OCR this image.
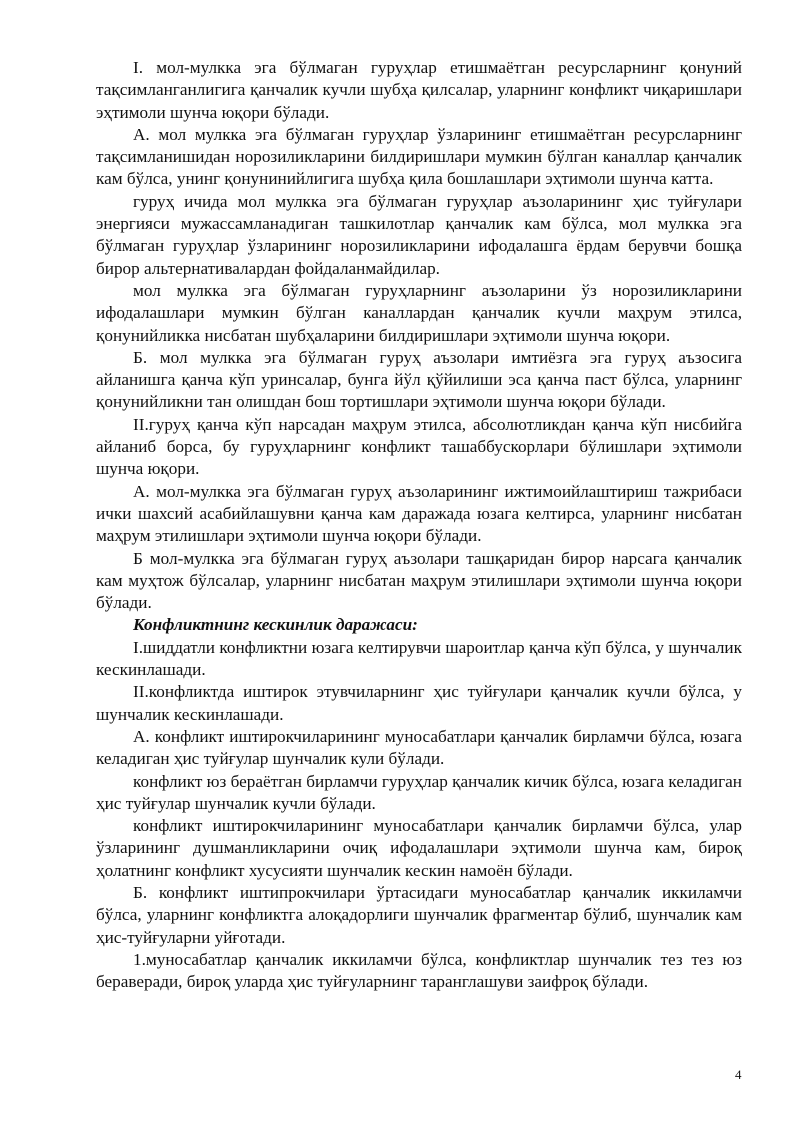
I. мол-мулкка эга бўлмаган гуруҳлар етишмаётган ресурсларнинг қонуний тақсимланганлигига қанчалик кучли шубҳа қилсалар, уларнинг конфликт чиқаришлари эҳтимоли шунча юқори бўлади.

А. мол мулкка эга бўлмаган гуруҳлар ўзларининг етишмаётган ресурсларнинг тақсимланишидан норозиликларини билдиришлари мумкин бўлган каналлар қанчалик кам бўлса, унинг қонунинийлигига шубҳа қила бошлашлари эҳтимоли шунча катта.

гуруҳ ичида мол мулкка эга бўлмаган гуруҳлар аъзоларининг ҳис туйғулари энергияси мужассамланадиган ташкилотлар қанчалик кам бўлса, мол мулкка эга бўлмаган гуруҳлар ўзларининг норозиликларини ифодалашга ёрдам берувчи бошқа бирор альтернативалардан фойдаланмайдилар.

мол мулкка эга бўлмаган гуруҳларнинг аъзоларини ўз норозиликларини ифодалашлари мумкин бўлган каналлардан қанчалик кучли маҳрум этилса, қонунийликка нисбатан шубҳаларини билдиришлари эҳтимоли шунча юқори.

Б. мол мулкка эга бўлмаган гуруҳ аъзолари имтиёзга эга гуруҳ аъзосига айланишга қанча кўп уринсалар, бунга йўл қўйилиши эса қанча паст бўлса, уларнинг қонунийликни тан олишдан бош тортишлари эҳтимоли шунча юқори бўлади.

II.гуруҳ қанча кўп нарсадан маҳрум этилса, абсолютликдан қанча кўп нисбийга айланиб борса, бу гуруҳларнинг конфликт ташаббускорлари бўлишлари эҳтимоли шунча юқори.

А. мол-мулкка эга бўлмаган гуруҳ аъзоларининг ижтимоийлаштириш тажрибаси ички шахсий асабийлашувни қанча кам даражада юзага келтирса, уларнинг нисбатан маҳрум этилишлари эҳтимоли шунча юқори бўлади.

Б мол-мулкка эга бўлмаган гуруҳ аъзолари ташқаридан бирор нарсага қанчалик кам муҳтож бўлсалар, уларнинг нисбатан маҳрум этилишлари эҳтимоли шунча юқори бўлади.

Конфликтнинг кескинлик даражаси:

I.шиддатли конфликтни юзага келтирувчи шароитлар қанча кўп бўлса, у шунчалик кескинлашади.

II.конфликтда иштирок этувчиларнинг ҳис туйғулари қанчалик кучли бўлса, у шунчалик кескинлашади.

А. конфликт иштирокчиларининг муносабатлари қанчалик бирламчи бўлса, юзага келадиган ҳис туйғулар шунчалик кули бўлади.

конфликт юз бераётган бирламчи гуруҳлар қанчалик кичик бўлса, юзага келадиган ҳис туйғулар шунчалик кучли бўлади.

конфликт иштирокчиларининг муносабатлари қанчалик бирламчи бўлса, улар ўзларининг душманликларини очиқ ифодалашлари эҳтимоли шунча кам, бироқ ҳолатнинг конфликт хусусияти шунчалик кескин намоён бўлади.

Б. конфликт иштипрокчилари ўртасидаги муносабатлар қанчалик иккиламчи бўлса, уларнинг конфликтга алоқадорлиги шунчалик фрагментар бўлиб, шунчалик кам ҳис-туйғуларни уйғотади.

1.муносабатлар қанчалик иккиламчи бўлса, конфликтлар шунчалик тез тез юз бераверади, бироқ уларда ҳис туйғуларнинг таранглашуви заифроқ бўлади.

4
